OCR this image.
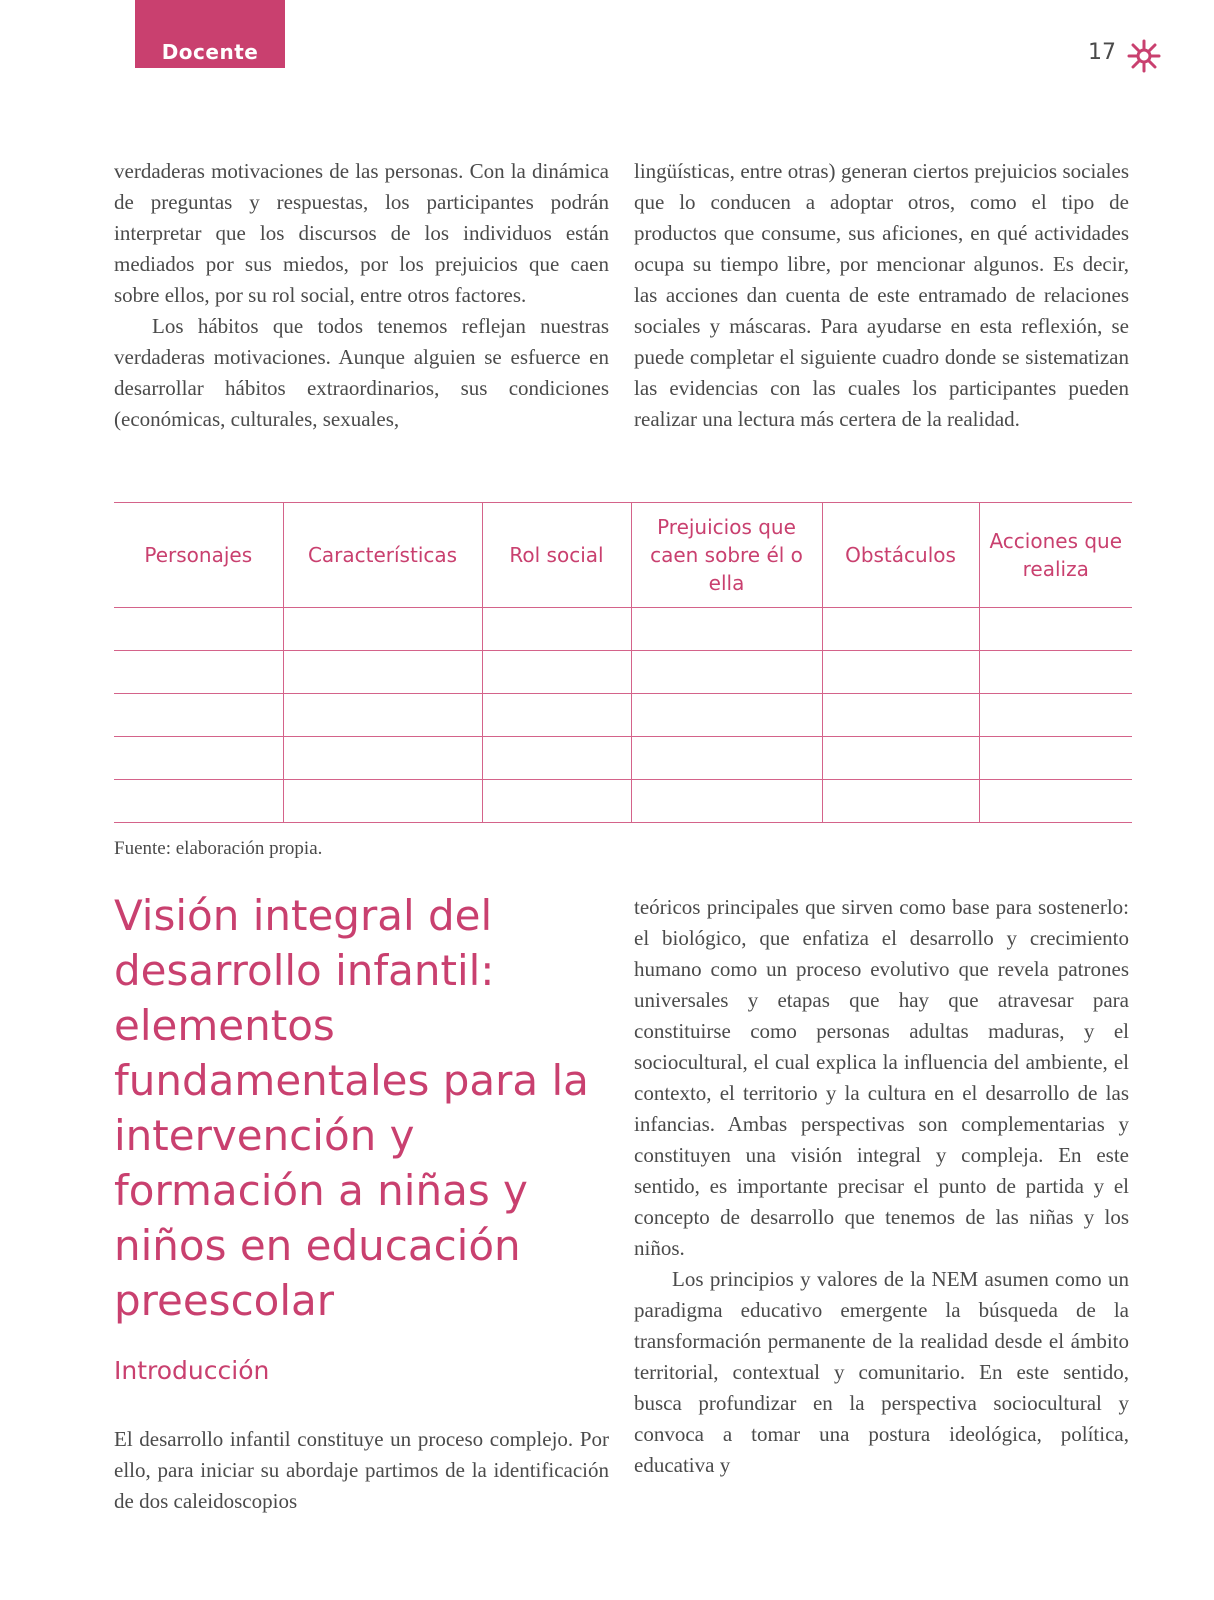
Docente	17

verdaderas motivaciones de las personas. Con la dinámica de preguntas y respuestas, los participantes podrán interpretar que los discursos de los individuos están mediados por sus miedos, por los prejuicios que caen sobre ellos, por su rol social, entre otros factores.

Los hábitos que todos tenemos reflejan nuestras verdaderas motivaciones. Aunque alguien se esfuerce en desarrollar hábitos extraordinarios, sus condiciones (económicas, culturales, sexuales,

lingüísticas, entre otras) generan ciertos prejuicios sociales que lo conducen a adoptar otros, como el tipo de productos que consume, sus aficiones, en qué actividades ocupa su tiempo libre, por mencionar algunos. Es decir, las acciones dan cuenta de este entramado de relaciones sociales y máscaras. Para ayudarse en esta reflexión, se puede completar el siguiente cuadro donde se sistematizan las evidencias con las cuales los participantes pueden realizar una lectura más certera de la realidad.

Personajes	Características	Rol social	Prejuicios que caen sobre él o ella	Obstáculos	Acciones que realiza

Fuente: elaboración propia.
Visión integral del desarrollo infantil: elementos fundamentales para la intervención y formación a niñas y niños en educación preescolar
Introducción

El desarrollo infantil constituye un proceso complejo. Por ello, para iniciar su abordaje partimos de la identificación de dos caleidoscopios

teóricos principales que sirven como base para sostenerlo: el biológico, que enfatiza el desarrollo y crecimiento humano como un proceso evolutivo que revela patrones universales y etapas que hay que atravesar para constituirse como personas adultas maduras, y el sociocultural, el cual explica la influencia del ambiente, el contexto, el territorio y la cultura en el desarrollo de las infancias. Ambas perspectivas son complementarias y constituyen una visión integral y compleja. En este sentido, es importante precisar el punto de partida y el concepto de desarrollo que tenemos de las niñas y los niños.

Los principios y valores de la NEM asumen como un paradigma educativo emergente la búsqueda de la transformación permanente de la realidad desde el ámbito territorial, contextual y comunitario. En este sentido, busca profundizar en la perspectiva sociocultural y convoca a tomar una postura ideológica, política, educativa y
